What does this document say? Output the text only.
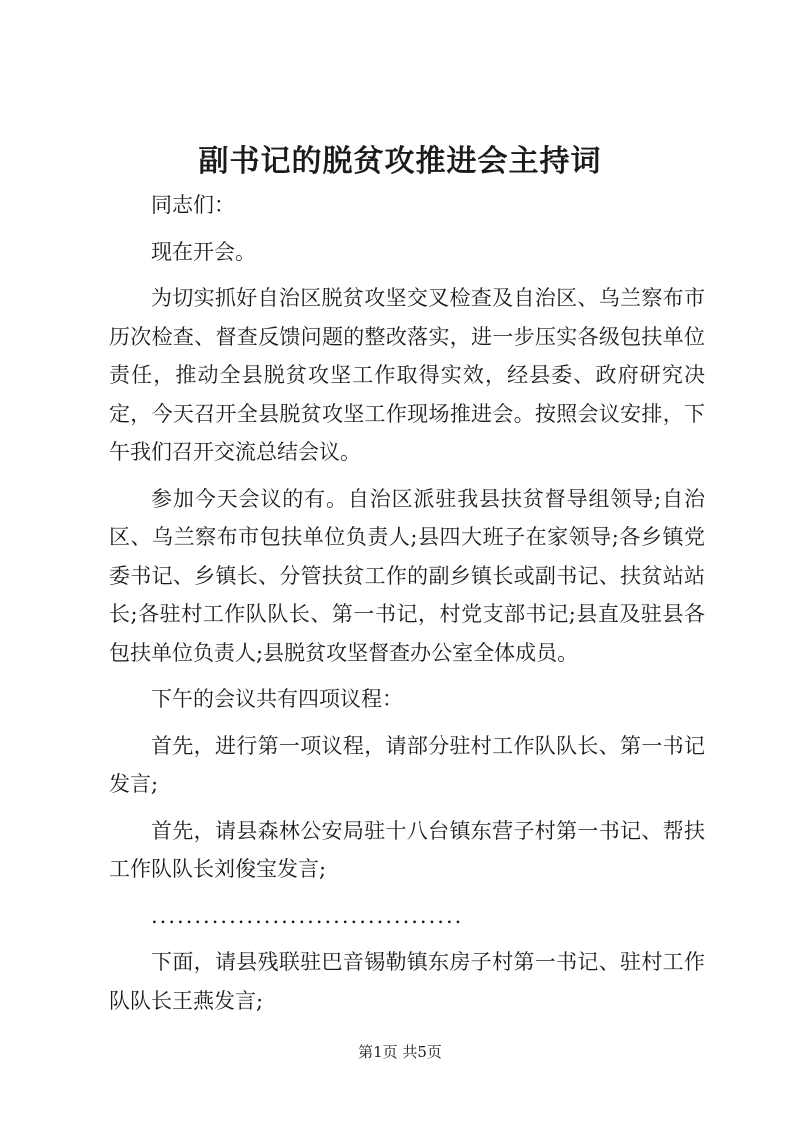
副书记的脱贫攻推进会主持词

同志们：

现在开会。

为切实抓好自治区脱贫攻坚交叉检查及自治区、乌兰察布市历次检查、督查反馈问题的整改落实，进一步压实各级包扶单位责任，推动全县脱贫攻坚工作取得实效，经县委、政府研究决定，今天召开全县脱贫攻坚工作现场推进会。按照会议安排，下午我们召开交流总结会议。

参加今天会议的有。自治区派驻我县扶贫督导组领导;自治区、乌兰察布市包扶单位负责人;县四大班子在家领导;各乡镇党委书记、乡镇长、分管扶贫工作的副乡镇长或副书记、扶贫站站长;各驻村工作队队长、第一书记，村党支部书记;县直及驻县各包扶单位负责人;县脱贫攻坚督查办公室全体成员。

下午的会议共有四项议程：

首先，进行第一项议程，请部分驻村工作队队长、第一书记发言;

首先，请县森林公安局驻十八台镇东营子村第一书记、帮扶工作队队长刘俊宝发言;

....................................

下面，请县残联驻巴音锡勒镇东房子村第一书记、驻村工作队队长王燕发言;

第1页 共5页
